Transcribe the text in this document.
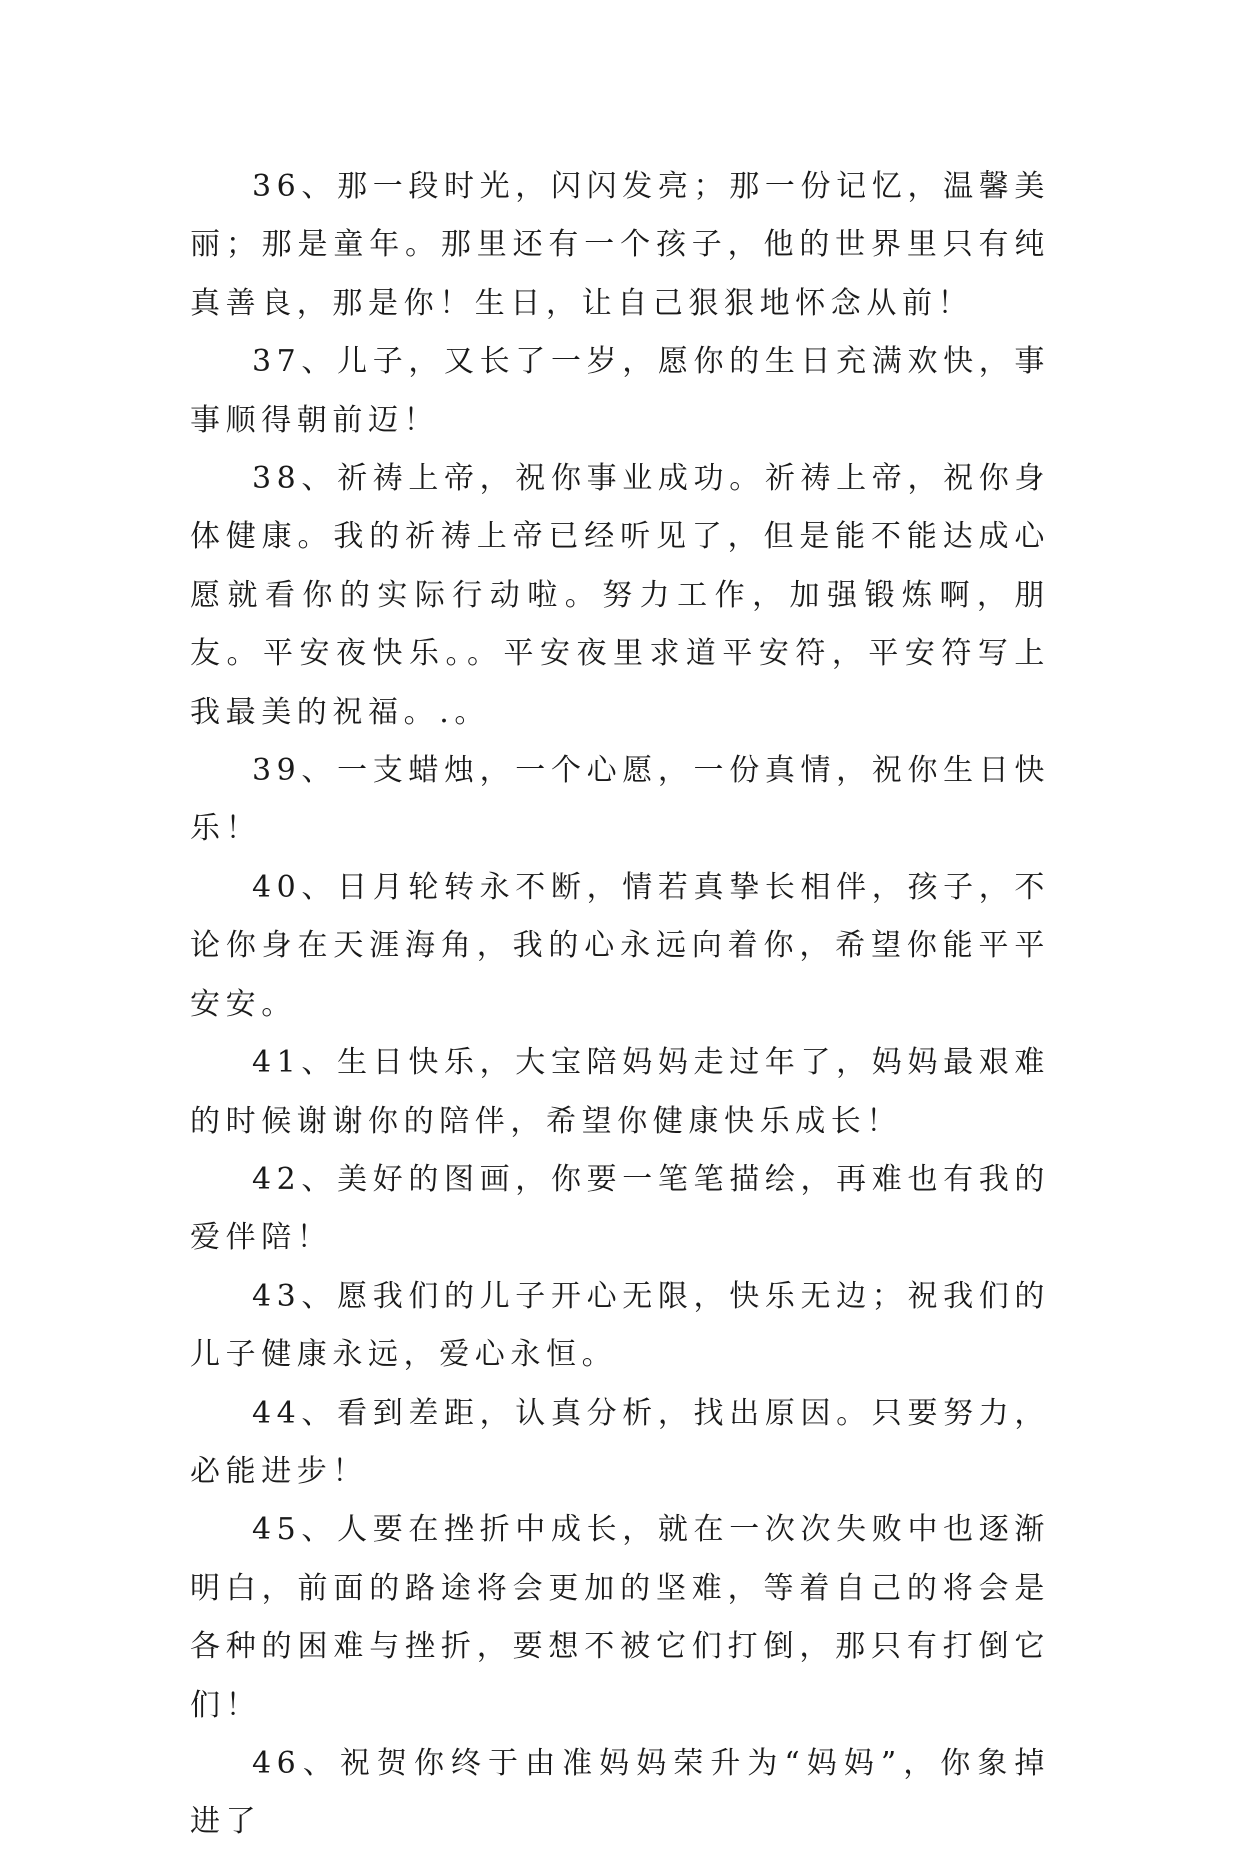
36、那一段时光，闪闪发亮；那一份记忆，温馨美丽；那是童年。那里还有一个孩子，他的世界里只有纯真善良，那是你！生日，让自己狠狠地怀念从前！

37、儿子，又长了一岁，愿你的生日充满欢快，事事顺得朝前迈！

38、祈祷上帝，祝你事业成功。祈祷上帝，祝你身体健康。我的祈祷上帝已经听见了，但是能不能达成心愿就看你的实际行动啦。努力工作，加强锻炼啊，朋友。平安夜快乐。。平安夜里求道平安符，平安符写上我最美的祝福。.。

39、一支蜡烛，一个心愿，一份真情，祝你生日快乐！

40、日月轮转永不断，情若真挚长相伴，孩子，不论你身在天涯海角，我的心永远向着你，希望你能平平安安。

41、生日快乐，大宝陪妈妈走过年了，妈妈最艰难的时候谢谢你的陪伴，希望你健康快乐成长！

42、美好的图画，你要一笔笔描绘，再难也有我的爱伴陪！

43、愿我们的儿子开心无限，快乐无边；祝我们的儿子健康永远，爱心永恒。

44、看到差距，认真分析，找出原因。只要努力，必能进步！

45、人要在挫折中成长，就在一次次失败中也逐渐明白，前面的路途将会更加的坚难，等着自己的将会是各种的困难与挫折，要想不被它们打倒，那只有打倒它们！

46、祝贺你终于由准妈妈荣升为“妈妈”，你象掉进了
